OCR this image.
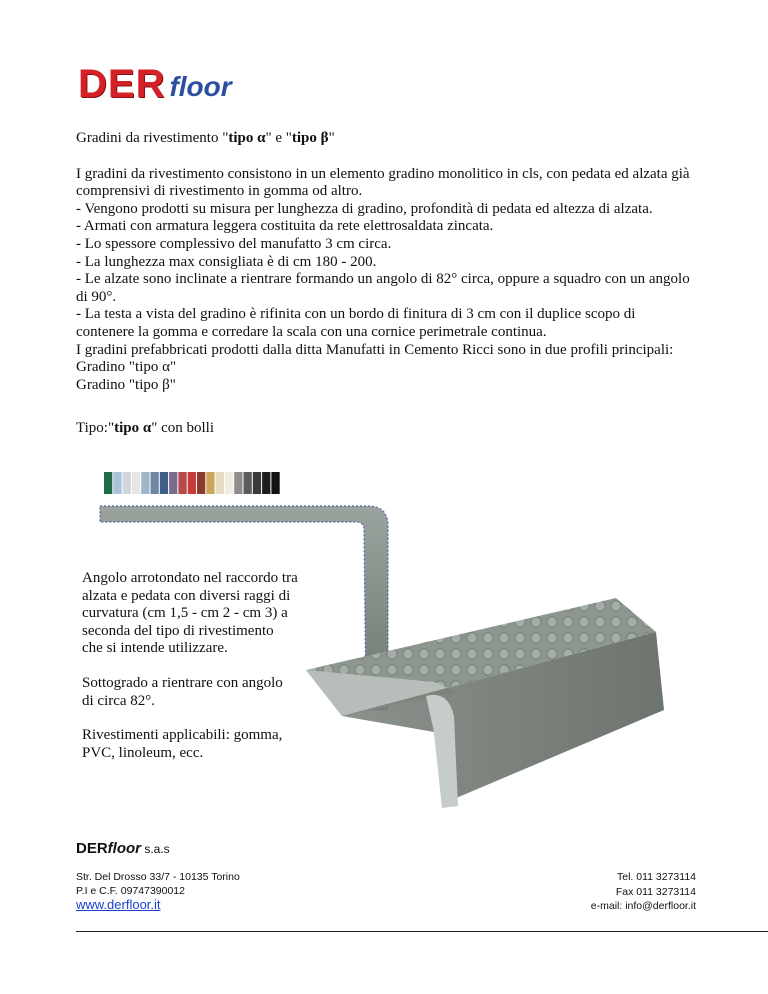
DER floor

Gradini da rivestimento "tipo α" e "tipo β"

I gradini da rivestimento consistono in un elemento gradino monolitico in cls, con pedata ed alzata già comprensivi di rivestimento in gomma od altro.

- Vengono prodotti su misura per lunghezza di gradino, profondità di pedata ed altezza di alzata.

- Armati con armatura leggera costituita da rete elettrosaldata zincata.

- Lo spessore complessivo del manufatto 3 cm circa.

- La lunghezza max consigliata è di cm 180 - 200.

- Le alzate sono inclinate a rientrare formando un angolo di 82° circa, oppure a squadro con un angolo di 90°.

- La testa a vista del gradino è rifinita con un bordo di finitura di 3 cm con il duplice scopo di contenere la gomma e corredare la scala con una cornice perimetrale continua.

I gradini prefabbricati prodotti dalla ditta Manufatti in Cemento Ricci sono in due profili principali:

Gradino "tipo α"

Gradino "tipo β"

Tipo:"tipo α" con bolli

Angolo arrotondato nel raccordo tra alzata e pedata con diversi raggi di curvatura (cm 1,5 - cm 2 - cm 3) a seconda del tipo di rivestimento che si intende utilizzare.

Sottogrado a rientrare con angolo di circa 82°.

Rivestimenti applicabili: gomma, PVC, linoleum, ecc.

DERfloor s.a.s
Str. Del Drosso 33/7 - 10135 Torino
P.I e C.F. 09747390012
www.derfloor.it
Tel. 011 3273114
Fax 011 3273114
e-mail: info@derfloor.it
